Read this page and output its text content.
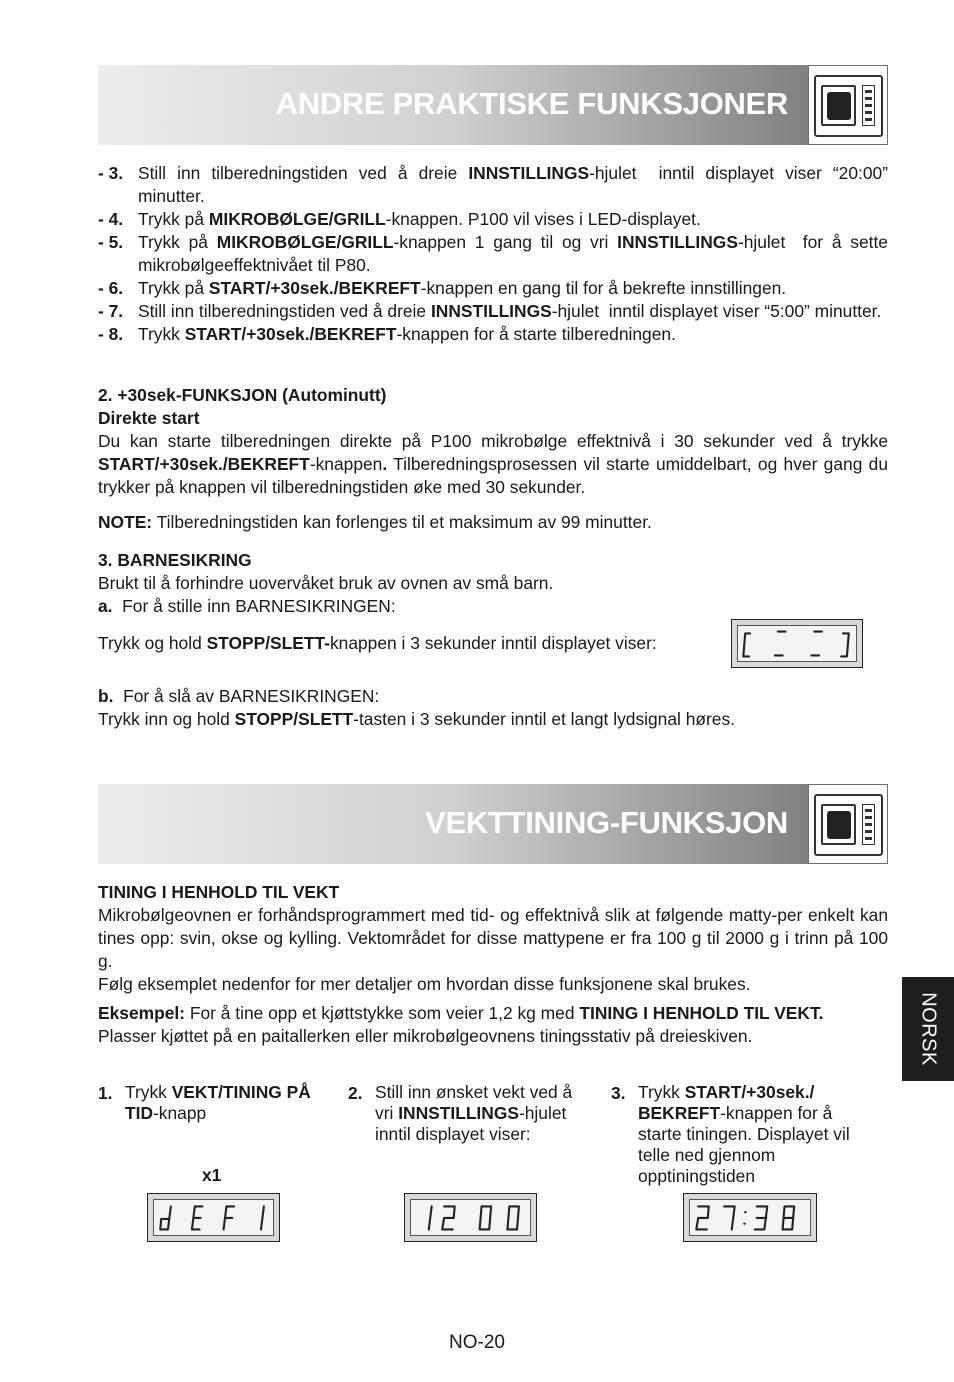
ANDRE PRAKTISKE FUNKSJONER
- 3. Still inn tilberedningstiden ved å dreie INNSTILLINGS-hjulet  inntil displayet viser “20:00” minutter.
- 4. Trykk på MIKROBØLGE/GRILL-knappen. P100 vil vises i LED-displayet.
- 5. Trykk på MIKROBØLGE/GRILL-knappen 1 gang til og vri INNSTILLINGS-hjulet  for å sette mikrobølgeeffektnivået til P80.
- 6. Trykk på START/+30sek./BEKREFT-knappen en gang til for å bekrefte innstillingen.
- 7. Still inn tilberedningstiden ved å dreie INNSTILLINGS-hjulet  inntil displayet viser “5:00” minutter.
- 8. Trykk START/+30sek./BEKREFT-knappen for å starte tilberedningen.
2. +30sek-FUNKSJON (Autominutt)
Direkte start

Du kan starte tilberedningen direkte på P100 mikrobølge effektnivå i 30 sekunder ved å trykke START/+30sek./BEKREFT-knappen. Tilberedningsprosessen vil starte umiddelbart, og hver gang du trykker på knappen vil tilberedningstiden øke med 30 sekunder.

NOTE: Tilberedningstiden kan forlenges til et maksimum av 99 minutter.

3. BARNESIKRING
Brukt til å forhindre uovervåket bruk av ovnen av små barn.
a.  For å stille inn BARNESIKRINGEN:
Trykk og hold STOPP/SLETT-knappen i 3 sekunder inntil displayet viser:
b.  For å slå av BARNESIKRINGEN:
Trykk inn og hold STOPP/SLETT-tasten i 3 sekunder inntil et langt lydsignal høres.
VEKTTINING-FUNKSJON
TINING I HENHOLD TIL VEKT

Mikrobølgeovnen er forhåndsprogrammert med tid- og effektnivå slik at følgende matty-per enkelt kan tines opp: svin, okse og kylling. Vektområdet for disse mattypene er fra 100 g til 2000 g i trinn på 100 g.

Følg eksemplet nedenfor for mer detaljer om hvordan disse funksjonene skal brukes.

Eksempel: For å tine opp et kjøttstykke som veier 1,2 kg med TINING I HENHOLD TIL VEKT.

Plasser kjøttet på en paitallerken eller mikrobølgeovnens tiningsstativ på dreieskiven.	NORSK
1. Trykk VEKT/TINING PÅ TID-knapp
2. Still inn ønsket vekt ved å vri INNSTILLINGS-hjulet inntil displayet viser:
3. Trykk START/+30sek./ BEKREFT-knappen for å starte tiningen. Displayet vil telle ned gjennom opptiningstiden
x1
NO-20
